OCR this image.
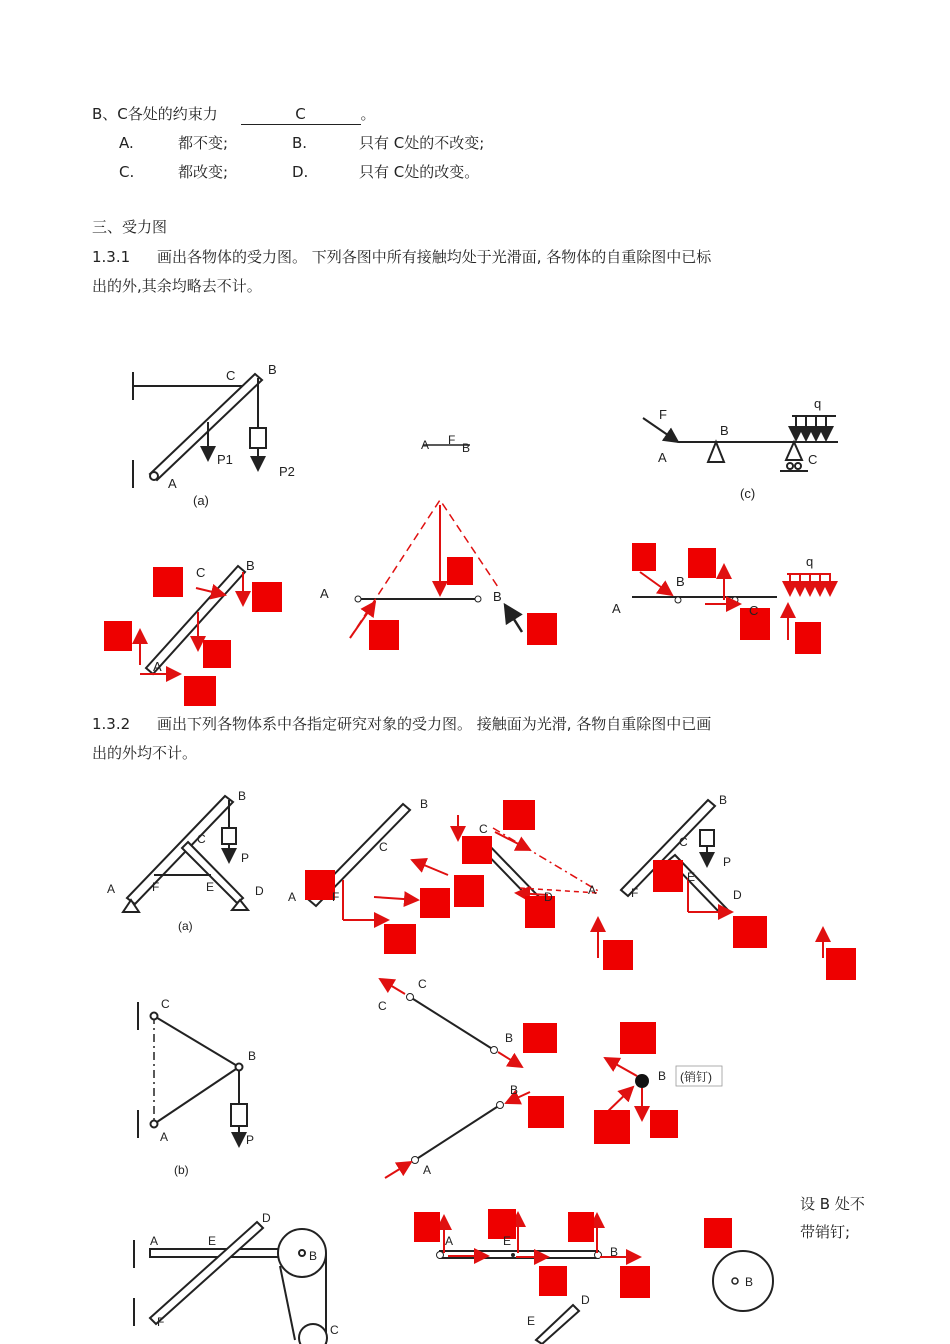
B、C各处的约束力	C	。
A.	都不变;	B.	只有 C处的不改变;
C.	都改变;	D.	只有 C处的改变。
三、受力图
1.3.1 画出各物体的受力图。 下列各图中所有接触均处于光滑面, 各物体的自重除图中已标
出的外,其余均略去不计。
1.3.2 画出下列各物体系中各指定研究对象的受力图。 接触面为光滑, 各物自重除图中已画
出的外均不计。
设 B 处不
带销钉;
C	B
P1
P2
A
(a)
A F
B
F
B
A	C
q
(c)
C	B
A
A	B
A
B
C
q
B
C
P
A	F	E	D
(a)
B
C
A	F
C
D	A
B
C
P
F
E
D
C
B
A	P
(b)
(销钉)
C
C
B
B
A
B
A	E
D
B
F
C
A	E
B
D
E
B
